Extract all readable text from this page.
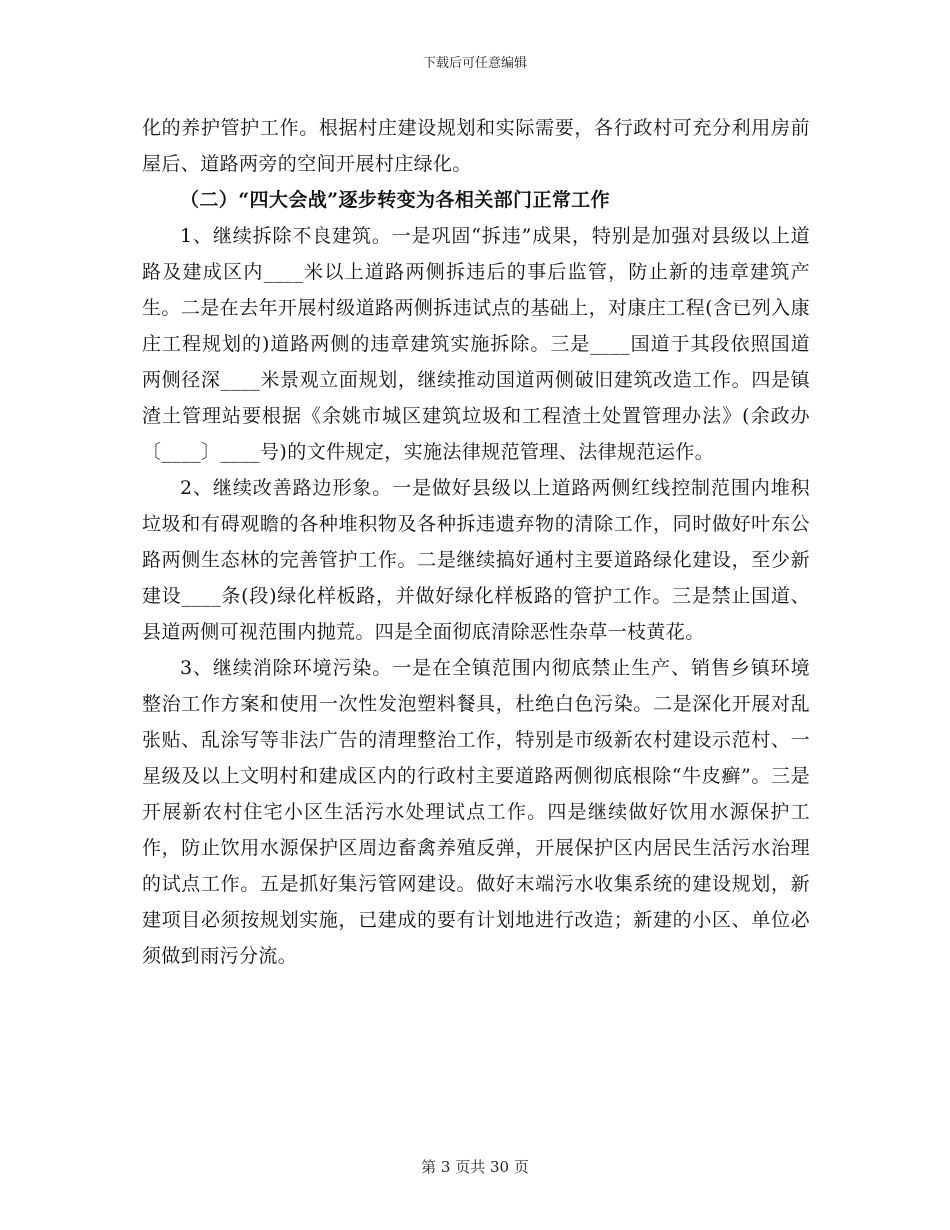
下载后可任意编辑

化的养护管护工作。根据村庄建设规划和实际需要，各行政村可充分利用房前屋后、道路两旁的空间开展村庄绿化。

（二）“四大会战”逐步转变为各相关部门正常工作

1、继续拆除不良建筑。一是巩固“拆违”成果，特别是加强对县级以上道路及建成区内____米以上道路两侧拆违后的事后监管，防止新的违章建筑产生。二是在去年开展村级道路两侧拆违试点的基础上，对康庄工程(含已列入康庄工程规划的)道路两侧的违章建筑实施拆除。三是____国道于其段依照国道两侧径深____米景观立面规划，继续推动国道两侧破旧建筑改造工作。四是镇渣土管理站要根据《余姚市城区建筑垃圾和工程渣土处置管理办法》(余政办〔____〕____号)的文件规定，实施法律规范管理、法律规范运作。

2、继续改善路边形象。一是做好县级以上道路两侧红线控制范围内堆积垃圾和有碍观瞻的各种堆积物及各种拆违遗弃物的清除工作，同时做好叶东公路两侧生态林的完善管护工作。二是继续搞好通村主要道路绿化建设，至少新建设____条(段)绿化样板路，并做好绿化样板路的管护工作。三是禁止国道、县道两侧可视范围内抛荒。四是全面彻底清除恶性杂草一枝黄花。

3、继续消除环境污染。一是在全镇范围内彻底禁止生产、销售乡镇环境整治工作方案和使用一次性发泡塑料餐具，杜绝白色污染。二是深化开展对乱张贴、乱涂写等非法广告的清理整治工作，特别是市级新农村建设示范村、一星级及以上文明村和建成区内的行政村主要道路两侧彻底根除“牛皮癣”。三是开展新农村住宅小区生活污水处理试点工作。四是继续做好饮用水源保护工作，防止饮用水源保护区周边畜禽养殖反弹，开展保护区内居民生活污水治理的试点工作。五是抓好集污管网建设。做好末端污水收集系统的建设规划，新建项目必须按规划实施，已建成的要有计划地进行改造；新建的小区、单位必须做到雨污分流。

第 3 页共 30 页
